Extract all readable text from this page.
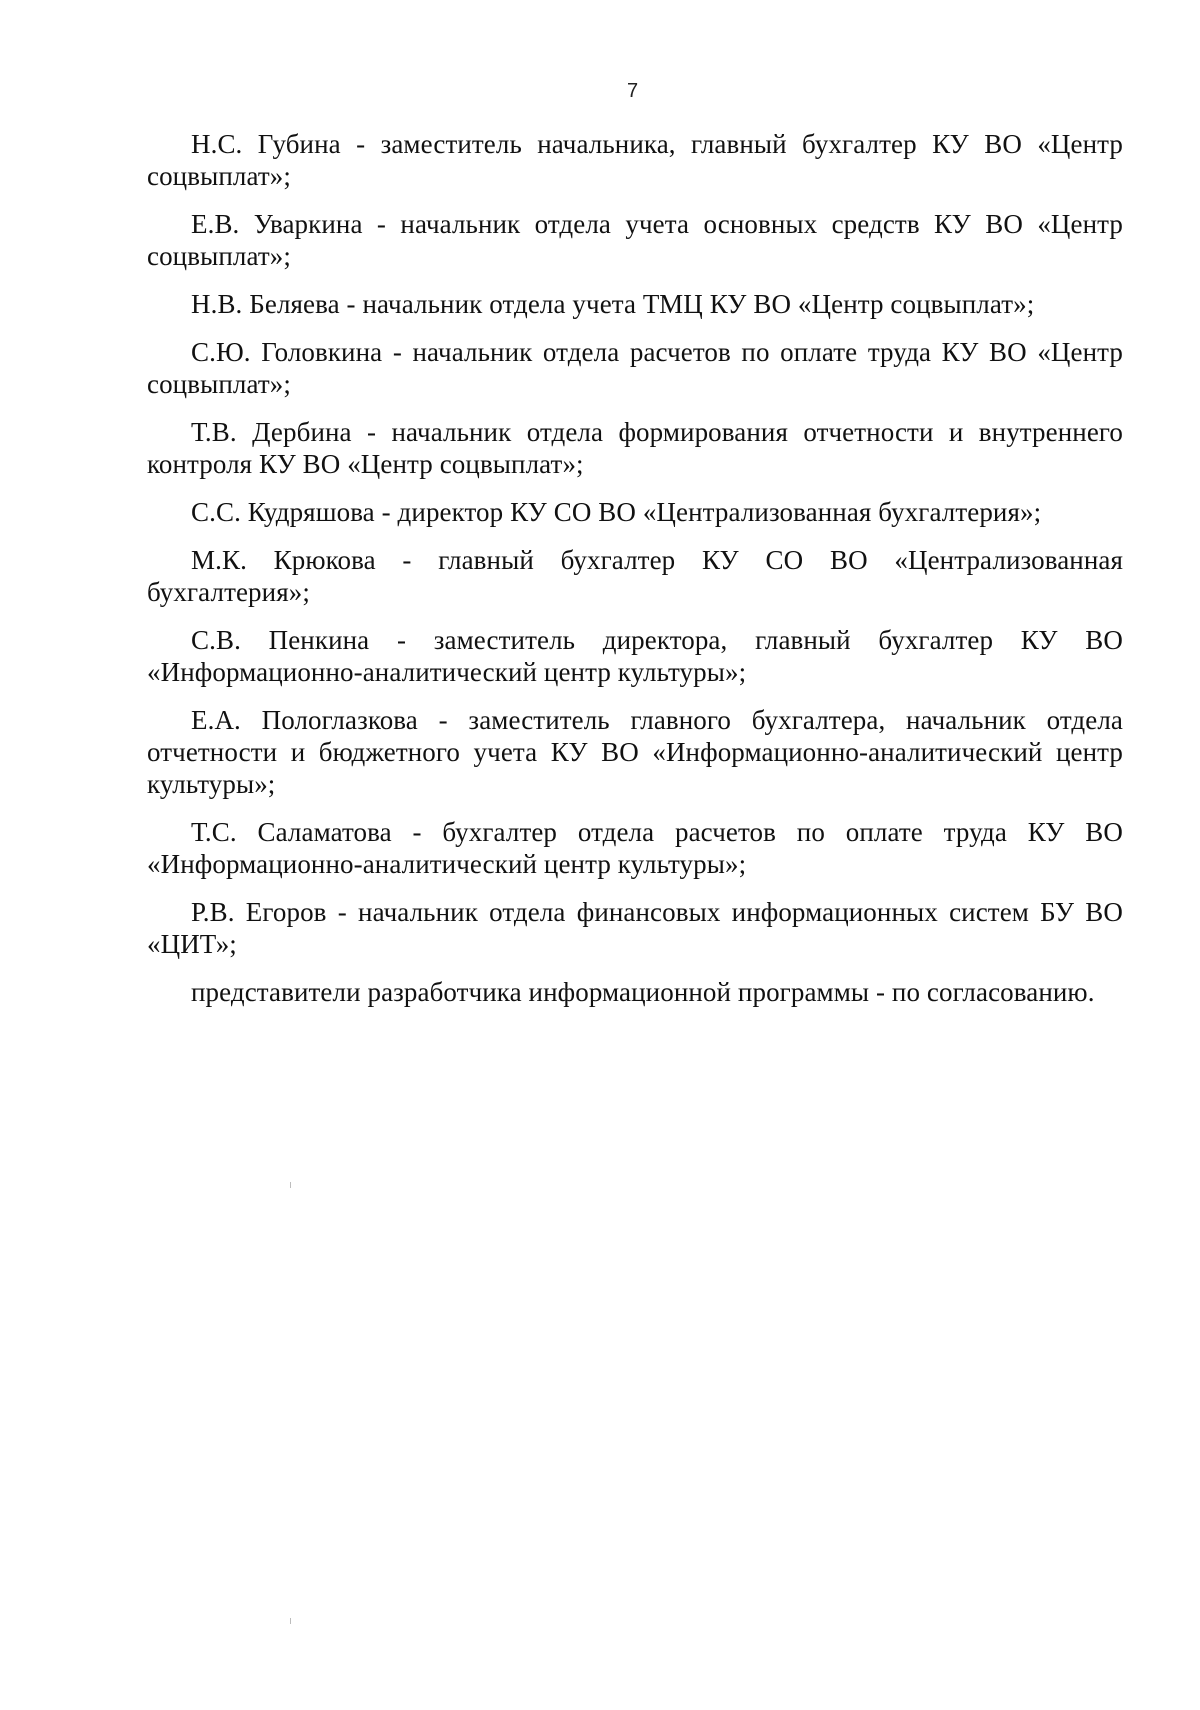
7

Н.С. Губина - заместитель начальника, главный бухгалтер КУ ВО «Центр соцвыплат»;

Е.В. Уваркина - начальник отдела учета основных средств КУ ВО «Центр соцвыплат»;

Н.В. Беляева - начальник отдела учета ТМЦ КУ ВО «Центр соцвыплат»;

С.Ю. Головкина - начальник отдела расчетов по оплате труда КУ ВО «Центр соцвыплат»;

Т.В. Дербина - начальник отдела формирования отчетности и внутреннего контроля КУ ВО «Центр соцвыплат»;

С.С. Кудряшова - директор КУ СО ВО «Централизованная бухгалтерия»;

М.К. Крюкова - главный бухгалтер КУ СО ВО «Централизованная бухгалтерия»;

С.В. Пенкина - заместитель директора, главный бухгалтер КУ ВО «Информационно-аналитический центр культуры»;

Е.А. Пологлазкова - заместитель главного бухгалтера, начальник отдела отчетности и бюджетного учета КУ ВО «Информационно-аналитический центр культуры»;

Т.С. Саламатова - бухгалтер отдела расчетов по оплате труда КУ ВО «Информационно-аналитический центр культуры»;

Р.В. Егоров - начальник отдела финансовых информационных систем БУ ВО «ЦИТ»;

представители разработчика информационной программы - по согласованию.
